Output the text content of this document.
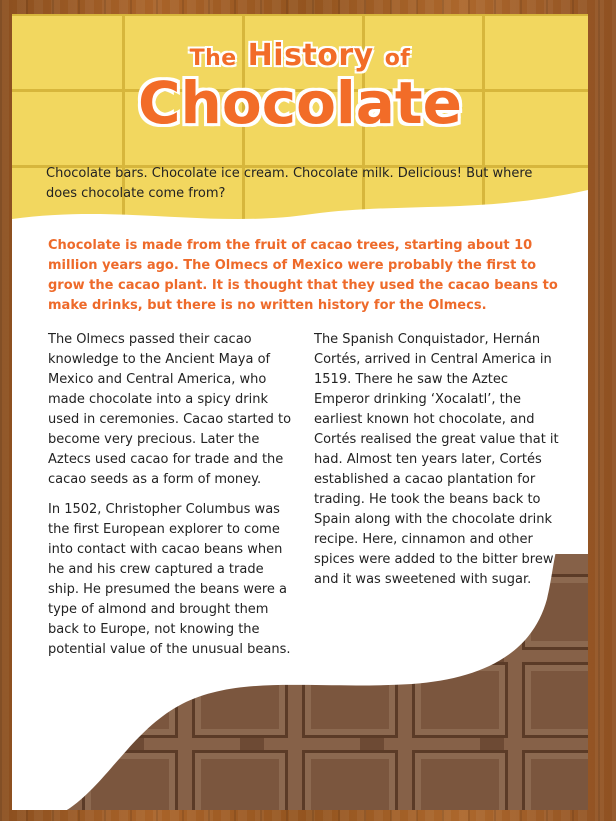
The History of
Chocolate
Chocolate bars. Chocolate ice cream. Chocolate milk. Delicious! But where does chocolate come from?
Chocolate is made from the fruit of cacao trees, starting about 10 million years ago. The Olmecs of Mexico were probably the first to grow the cacao plant. It is thought that they used the cacao beans to make drinks, but there is no written history for the Olmecs.

The Olmecs passed their cacao knowledge to the Ancient Maya of Mexico and Central America, who made chocolate into a spicy drink used in ceremonies. Cacao started to become very precious. Later the Aztecs used cacao for trade and the cacao seeds as a form of money.

In 1502, Christopher Columbus was the first European explorer to come into contact with cacao beans when he and his crew captured a trade ship. He presumed the beans were a type of almond and brought them back to Europe, not knowing the potential value of the unusual beans.

The Spanish Conquistador, Hernán Cortés, arrived in Central America in 1519. There he saw the Aztec Emperor drinking ‘Xocalatl’, the earliest known hot chocolate, and Cortés realised the great value that it had. Almost ten years later, Cortés established a cacao plantation for trading. He took the beans back to Spain along with the chocolate drink recipe. Here, cinnamon and other spices were added to the bitter brew and it was sweetened with sugar.
